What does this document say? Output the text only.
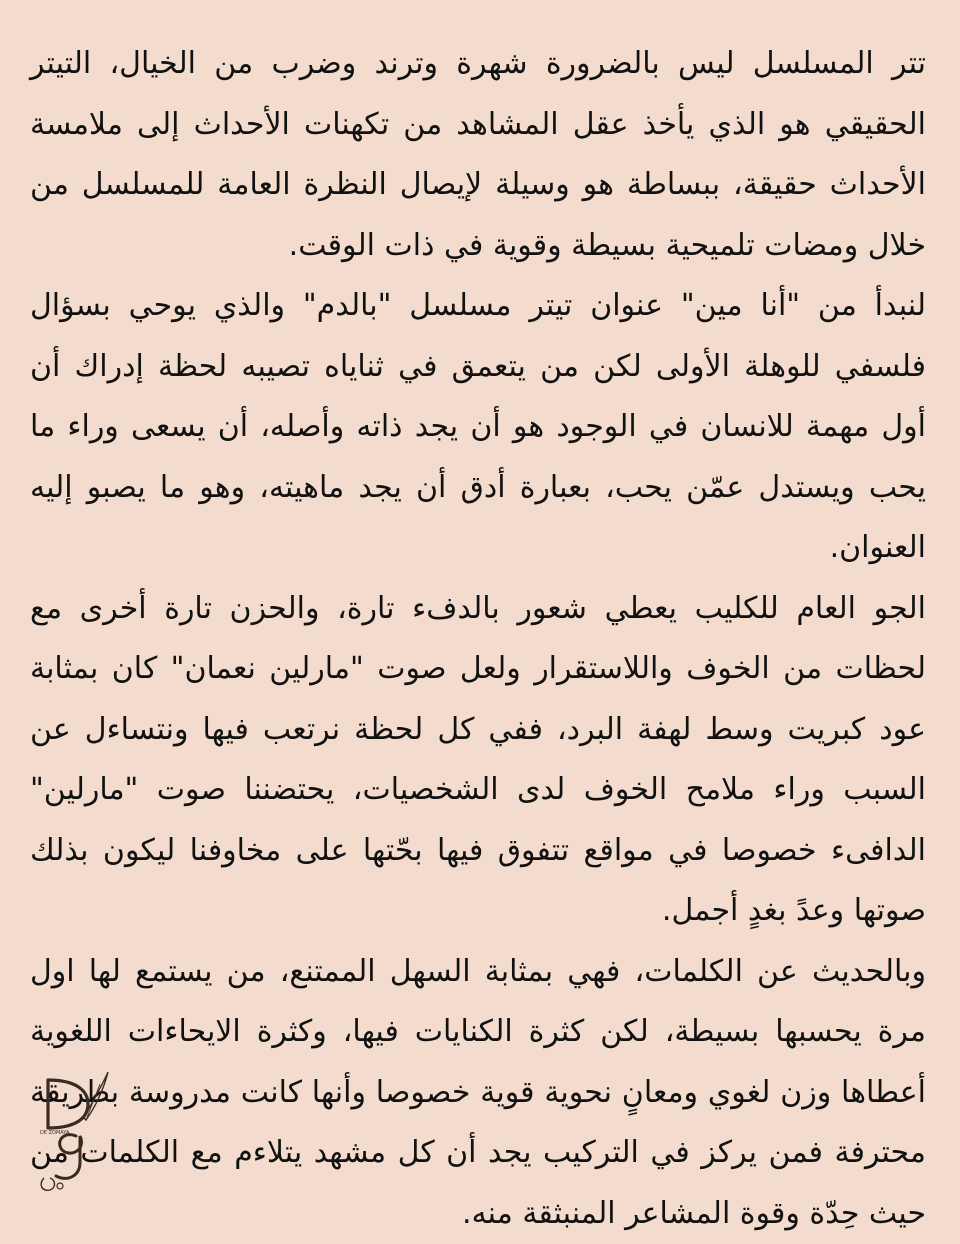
تتر المسلسل ليس بالضرورة شهرة وترند وضرب من الخيال، التيتر الحقيقي هو الذي يأخذ عقل المشاهد من تكهنات الأحداث إلى ملامسة الأحداث حقيقة، ببساطة هو وسيلة لإيصال النظرة العامة للمسلسل من خلال ومضات تلميحية بسيطة وقوية في ذات الوقت.

لنبدأ من "أنا مين" عنوان تيتر مسلسل "بالدم" والذي يوحي بسؤال فلسفي للوهلة الأولى لكن من يتعمق في ثناياه تصيبه لحظة إدراك أن أول مهمة للانسان في الوجود هو أن يجد ذاته وأصله، أن يسعى وراء ما يحب ويستدل عمّن يحب، بعبارة أدق أن يجد ماهيته، وهو ما يصبو إليه العنوان.

الجو العام للكليب يعطي شعور بالدفء تارة، والحزن تارة أخرى مع لحظات من الخوف واللاستقرار ولعل صوت "مارلين نعمان" كان بمثابة عود كبريت وسط لهفة البرد، ففي كل لحظة نرتعب فيها ونتساءل عن السبب وراء ملامح الخوف لدى الشخصيات، يحتضننا صوت "مارلين" الدافىء خصوصا في مواقع تتفوق فيها بحّتها على مخاوفنا ليكون بذلك صوتها وعدً بغدٍ أجمل.

وبالحديث عن الكلمات، فهي بمثابة السهل الممتنع، من يستمع لها اول مرة يحسبها بسيطة، لكن كثرة الكنايات فيها، وكثرة الايحاءات اللغوية أعطاها وزن لغوي ومعانٍ نحوية قوية خصوصا وأنها كانت مدروسة بطريقة محترفة فمن يركز في التركيب يجد أن كل مشهد يتلاءم مع الكلمات من حيث حِدّة وقوة المشاعر المنبثقة منه.

DE ZOMAYA
